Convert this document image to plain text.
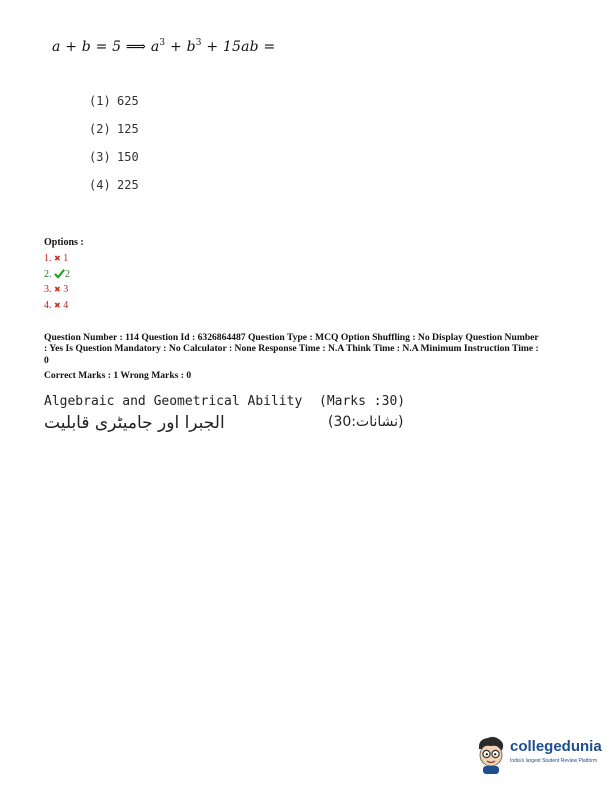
a + b = 5 ⟹ $a^3 + b^3 + 15ab$ =
(1) 625
(2) 125
(3) 150
(4) 225
Options :
1. ✖ 1
2. 2
3. ✖ 3
4. ✖ 4
Question Number : 114 Question Id : 6326864487 Question Type : MCQ Option Shuffling : No Display Question Number : Yes Is Question Mandatory : No Calculator : None Response Time : N.A Think Time : N.A Minimum Instruction Time : 0
Correct Marks : 1 Wrong Marks : 0
Algebraic and Geometrical Ability (Marks :30)
الجبرا اور جامیٹری قابلیت	(نشانات:30)
collegedunia
India's largest Student Review Platform
